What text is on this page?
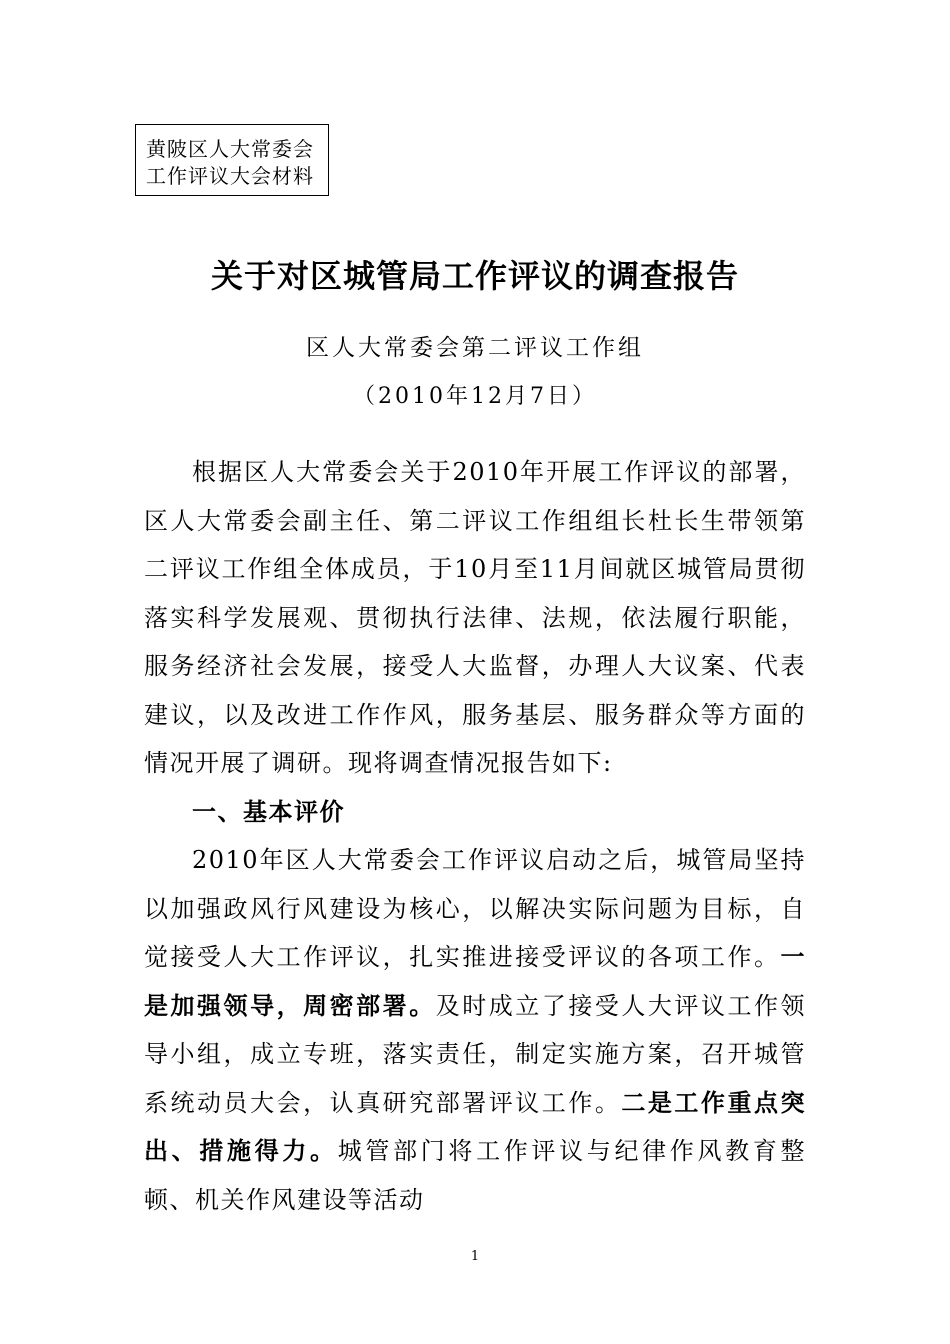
黄陂区人大常委会
工作评议大会材料
关于对区城管局工作评议的调查报告
区人大常委会第二评议工作组
（2010年12月7日）

根据区人大常委会关于2010年开展工作评议的部署，区人大常委会副主任、第二评议工作组组长杜长生带领第二评议工作组全体成员，于10月至11月间就区城管局贯彻落实科学发展观、贯彻执行法律、法规，依法履行职能，服务经济社会发展，接受人大监督，办理人大议案、代表建议，以及改进工作作风，服务基层、服务群众等方面的情况开展了调研。现将调查情况报告如下:

一、基本评价

2010年区人大常委会工作评议启动之后，城管局坚持以加强政风行风建设为核心，以解决实际问题为目标，自觉接受人大工作评议，扎实推进接受评议的各项工作。一是加强领导，周密部署。及时成立了接受人大评议工作领导小组，成立专班，落实责任，制定实施方案，召开城管系统动员大会，认真研究部署评议工作。二是工作重点突出、措施得力。城管部门将工作评议与纪律作风教育整顿、机关作风建设等活动

1
